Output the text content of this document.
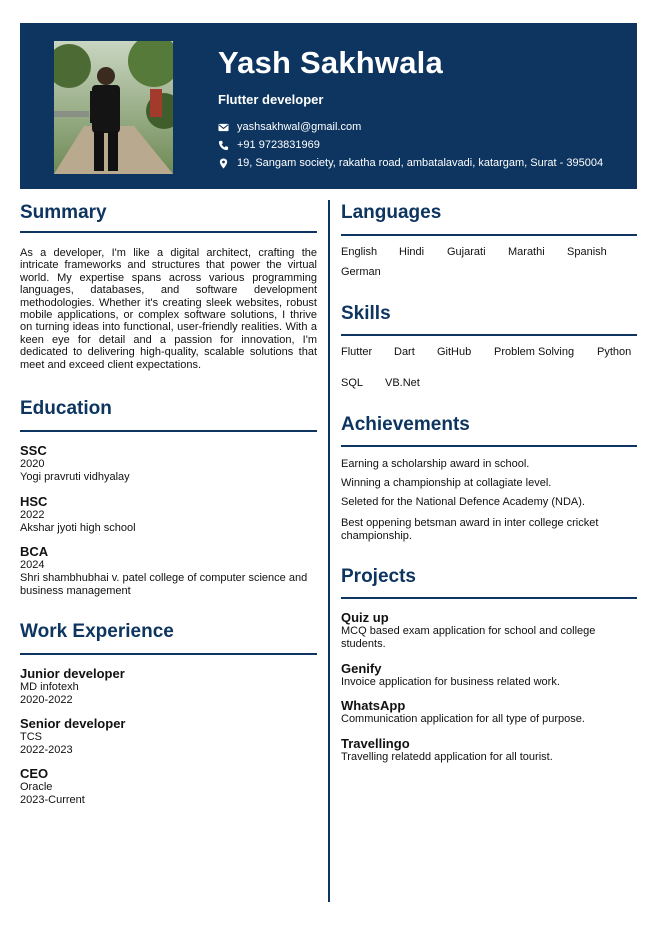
Yash Sakhwala
Flutter developer
yashsakhwal@gmail.com
+91 9723831969
19, Sangam society, rakatha road, ambatalavadi, katargam, Surat - 395004
Summary
As a developer, I'm like a digital architect, crafting the intricate frameworks and structures that power the virtual world. My expertise spans across various programming languages, databases, and software development methodologies. Whether it's creating sleek websites, robust mobile applications, or complex software solutions, I thrive on turning ideas into functional, user-friendly realities. With a keen eye for detail and a passion for innovation, I'm dedicated to delivering high-quality, scalable solutions that meet and exceed client expectations.
Education
SSC
2020
Yogi pravruti vidhyalay
HSC
2022
Akshar jyoti high school
BCA
2024
Shri shambhubhai v. patel college of computer science and business management
Work Experience
Junior developer
MD infotexh
2020-2022
Senior developer
TCS
2022-2023
CEO
Oracle
2023-Current
Languages
English Hindi Gujarati Marathi Spanish
German
Skills
Flutter Dart GitHub Problem Solving Python
SQL VB.Net
Achievements
Earning a scholarship award in school.
Winning a championship at collagiate level.
Seleted for the National Defence Academy (NDA).
Best oppening betsman award in inter college cricket championship.
Projects
Quiz up
MCQ based exam application for school and college students.
Genify
Invoice application for business related work.
WhatsApp
Communication application for all type of purpose.
Travellingo
Travelling relatedd application for all tourist.
